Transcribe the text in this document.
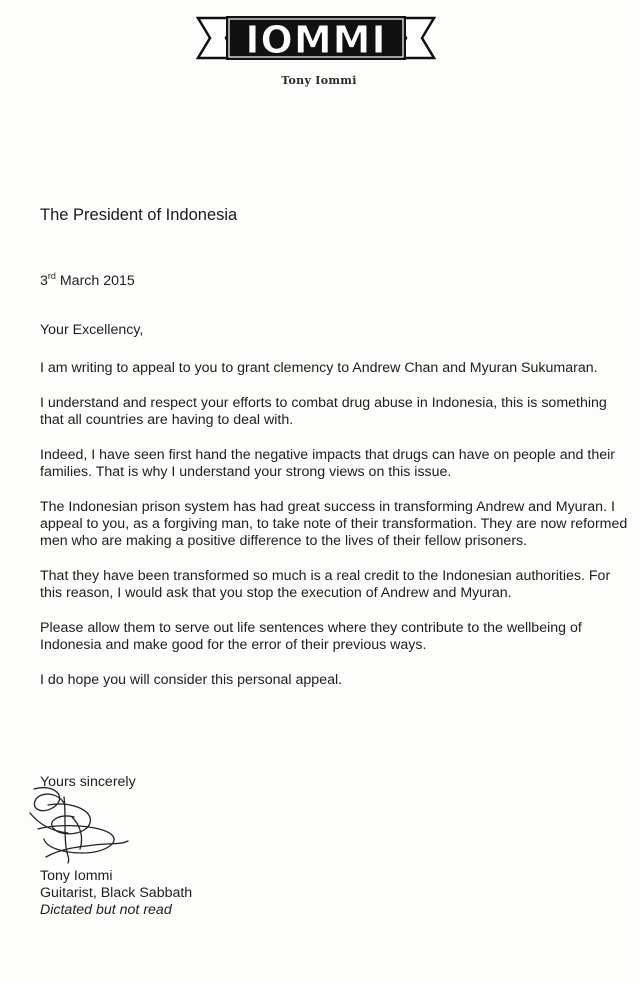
IOMMI
Tony Iommi

The President of Indonesia

3rd March 2015

Your Excellency,

I am writing to appeal to you to grant clemency to Andrew Chan and Myuran Sukumaran.

I understand and respect your efforts to combat drug abuse in Indonesia, this is something that all countries are having to deal with.

Indeed, I have seen first hand the negative impacts that drugs can have on people and their families. That is why I understand your strong views on this issue.

The Indonesian prison system has had great success in transforming Andrew and Myuran. I appeal to you, as a forgiving man, to take note of their transformation. They are now reformed men who are making a positive difference to the lives of their fellow prisoners.

That they have been transformed so much is a real credit to the Indonesian authorities. For this reason, I would ask that you stop the execution of Andrew and Myuran.

Please allow them to serve out life sentences where they contribute to the wellbeing of Indonesia and make good for the error of their previous ways.

I do hope you will consider this personal appeal.

Yours sincerely
Tony Iommi
Guitarist, Black Sabbath
Dictated but not read
